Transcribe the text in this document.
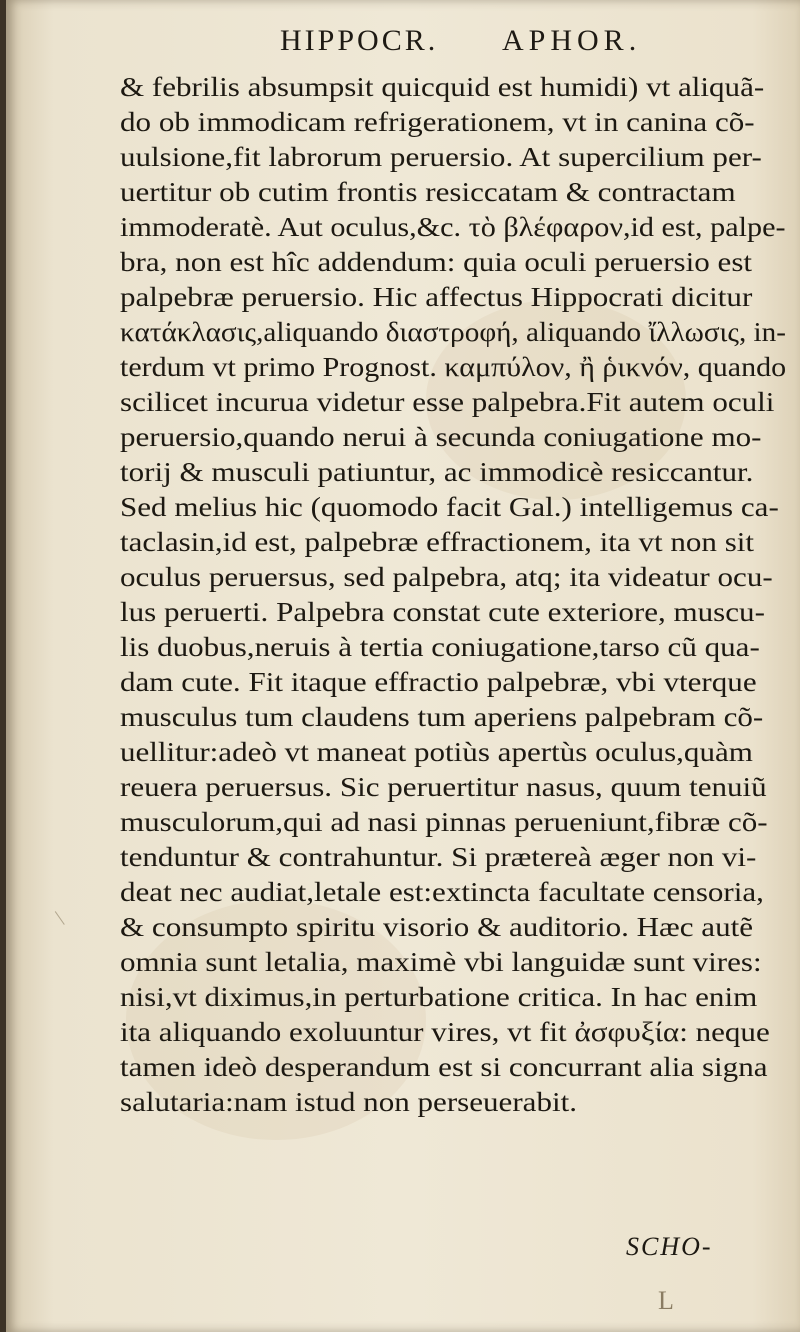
HIPPOCR. APHOR.
& febrilis absumpsit quicquid est humidi) vt aliquã-
do ob immodicam refrigerationem, vt in canina cõ-
uulsione,fit labrorum peruersio. At supercilium per-
uertitur ob cutim frontis resiccatam & contractam
immoderatè. Aut oculus,&c. τὸ βλέφαρον,id est, palpe-
bra, non est hîc addendum: quia oculi peruersio est
palpebræ peruersio. Hic affectus Hippocrati dicitur
κατάκλασις,aliquando διαστροφή, aliquando ἴλλωσις, in-
terdum vt primo Prognost. καμπύλον, ἢ ῥικνόν, quando
scilicet incurua videtur esse palpebra.Fit autem oculi
peruersio,quando nerui à secunda coniugatione mo-
torij & musculi patiuntur, ac immodicè resiccantur.
Sed melius hic (quomodo facit Gal.) intelligemus ca-
taclasin,id est, palpebræ effractionem, ita vt non sit
oculus peruersus, sed palpebra, atq; ita videatur ocu-
lus peruerti. Palpebra constat cute exteriore, muscu-
lis duobus,neruis à tertia coniugatione,tarso cũ qua-
dam cute. Fit itaque effractio palpebræ, vbi vterque
musculus tum claudens tum aperiens palpebram cõ-
uellitur:adeò vt maneat potiùs apertùs oculus,quàm
reuera peruersus. Sic peruertitur nasus, quum tenuiũ
musculorum,qui ad nasi pinnas perueniunt,fibræ cõ-
tenduntur & contrahuntur. Si prætereà æger non vi-
deat nec audiat,letale est:extincta facultate censoria,
& consumpto spiritu visorio & auditorio. Hæc autẽ
omnia sunt letalia, maximè vbi languidæ sunt vires:
nisi,vt diximus,in perturbatione critica. In hac enim
ita aliquando exoluuntur vires, vt fit ἀσφυξία: neque
tamen ideò desperandum est si concurrant alia signa
salutaria:nam istud non perseuerabit.
SCHO-
L
